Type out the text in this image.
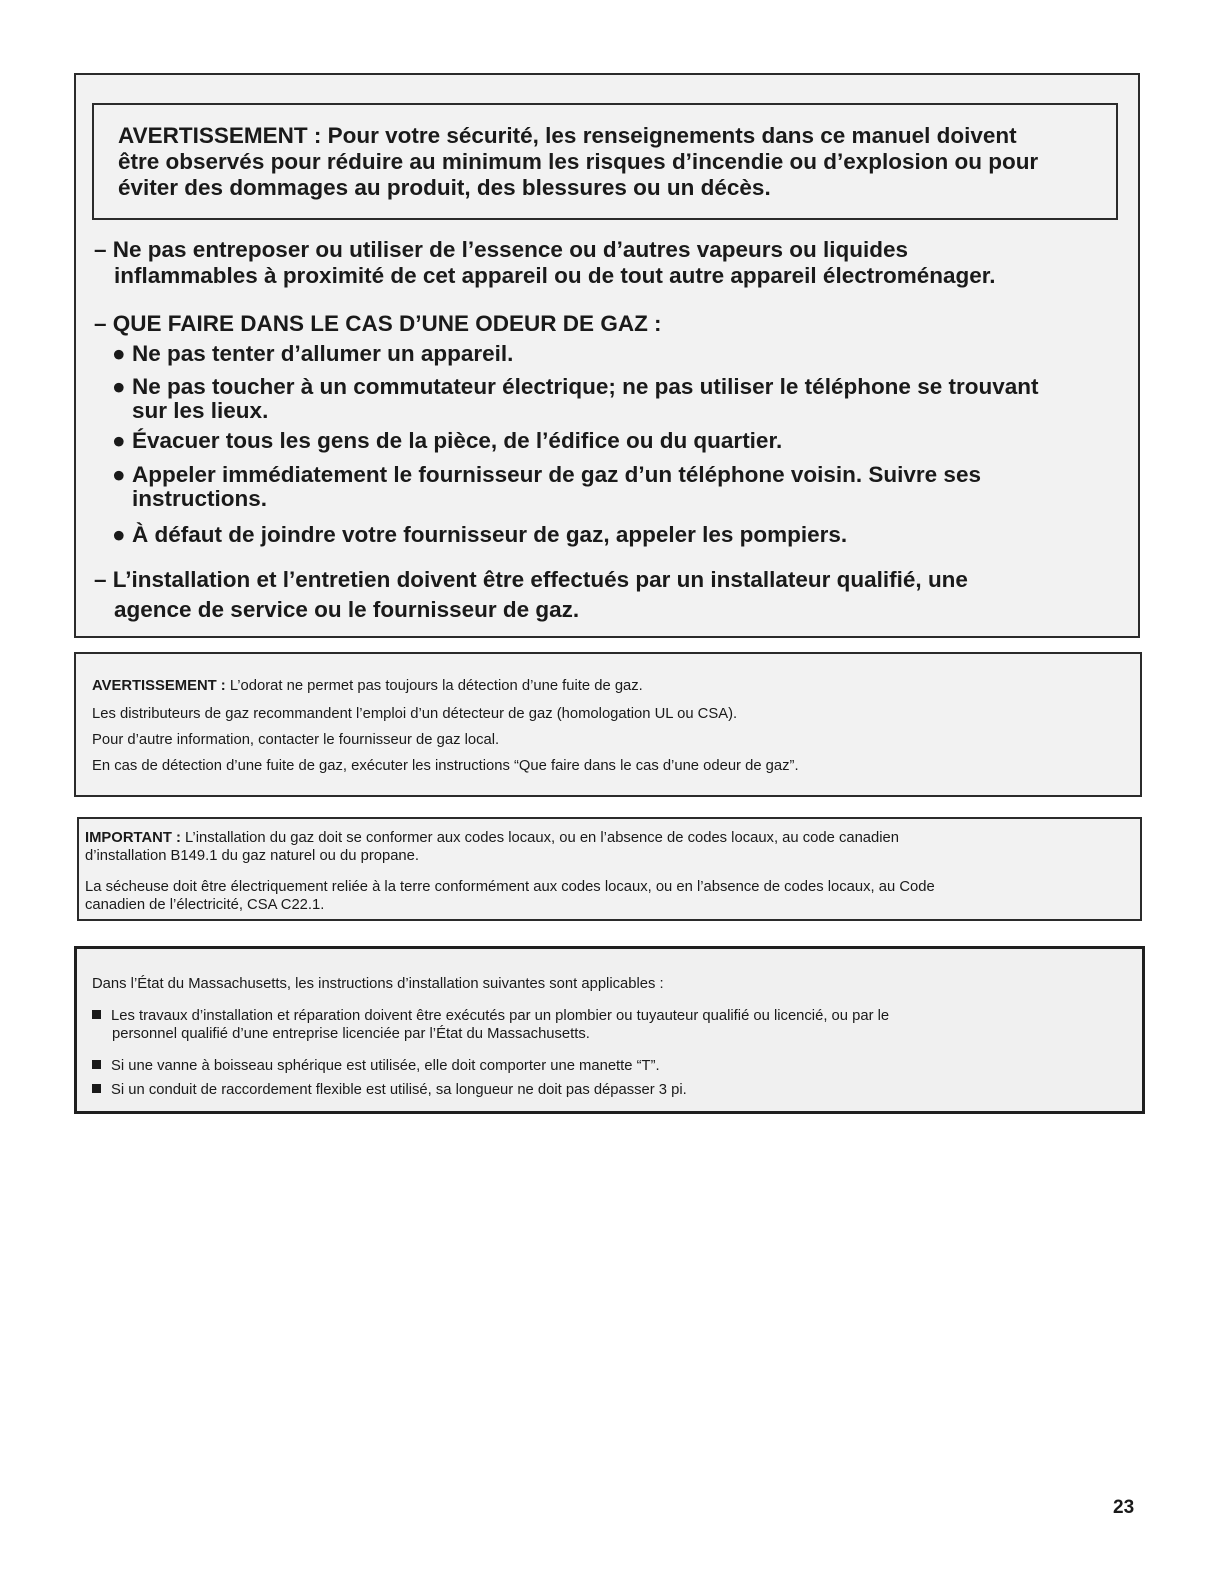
AVERTISSEMENT : Pour votre sécurité, les renseignements dans ce manuel doivent
être observés pour réduire au minimum les risques d’incendie ou d’explosion ou pour
éviter des dommages au produit, des blessures ou un décès.

– Ne pas entreposer ou utiliser de l’essence ou d’autres vapeurs ou liquides
inflammables à proximité de cet appareil ou de tout autre appareil électroménager.

– QUE FAIRE DANS LE CAS D’UNE ODEUR DE GAZ :

● Ne pas tenter d’allumer un appareil.

● Ne pas toucher à un commutateur électrique; ne pas utiliser le téléphone se trouvant
sur les lieux.

● Évacuer tous les gens de la pièce, de l’édifice ou du quartier.

● Appeler immédiatement le fournisseur de gaz d’un téléphone voisin. Suivre ses
instructions.

● À défaut de joindre votre fournisseur de gaz, appeler les pompiers.

– L’installation et l’entretien doivent être effectués par un installateur qualifié, une
agence de service ou le fournisseur de gaz.

AVERTISSEMENT : L’odorat ne permet pas toujours la détection d’une fuite de gaz.

Les distributeurs de gaz recommandent l’emploi d’un détecteur de gaz (homologation UL ou CSA).

Pour d’autre information, contacter le fournisseur de gaz local.

En cas de détection d’une fuite de gaz, exécuter les instructions “Que faire dans le cas d’une odeur de gaz”.

IMPORTANT : L’installation du gaz doit se conformer aux codes locaux, ou en l’absence de codes locaux, au code canadien
d’installation B149.1 du gaz naturel ou du propane.

La sécheuse doit être électriquement reliée à la terre conformément aux codes locaux, ou en l’absence de codes locaux, au Code
canadien de l’électricité, CSA C22.1.

Dans l’État du Massachusetts, les instructions d’installation suivantes sont applicables :

Les travaux d’installation et réparation doivent être exécutés par un plombier ou tuyauteur qualifié ou licencié, ou par le
personnel qualifié d’une entreprise licenciée par l’État du Massachusetts.

Si une vanne à boisseau sphérique est utilisée, elle doit comporter une manette “T”.

Si un conduit de raccordement flexible est utilisé, sa longueur ne doit pas dépasser 3 pi.

23
